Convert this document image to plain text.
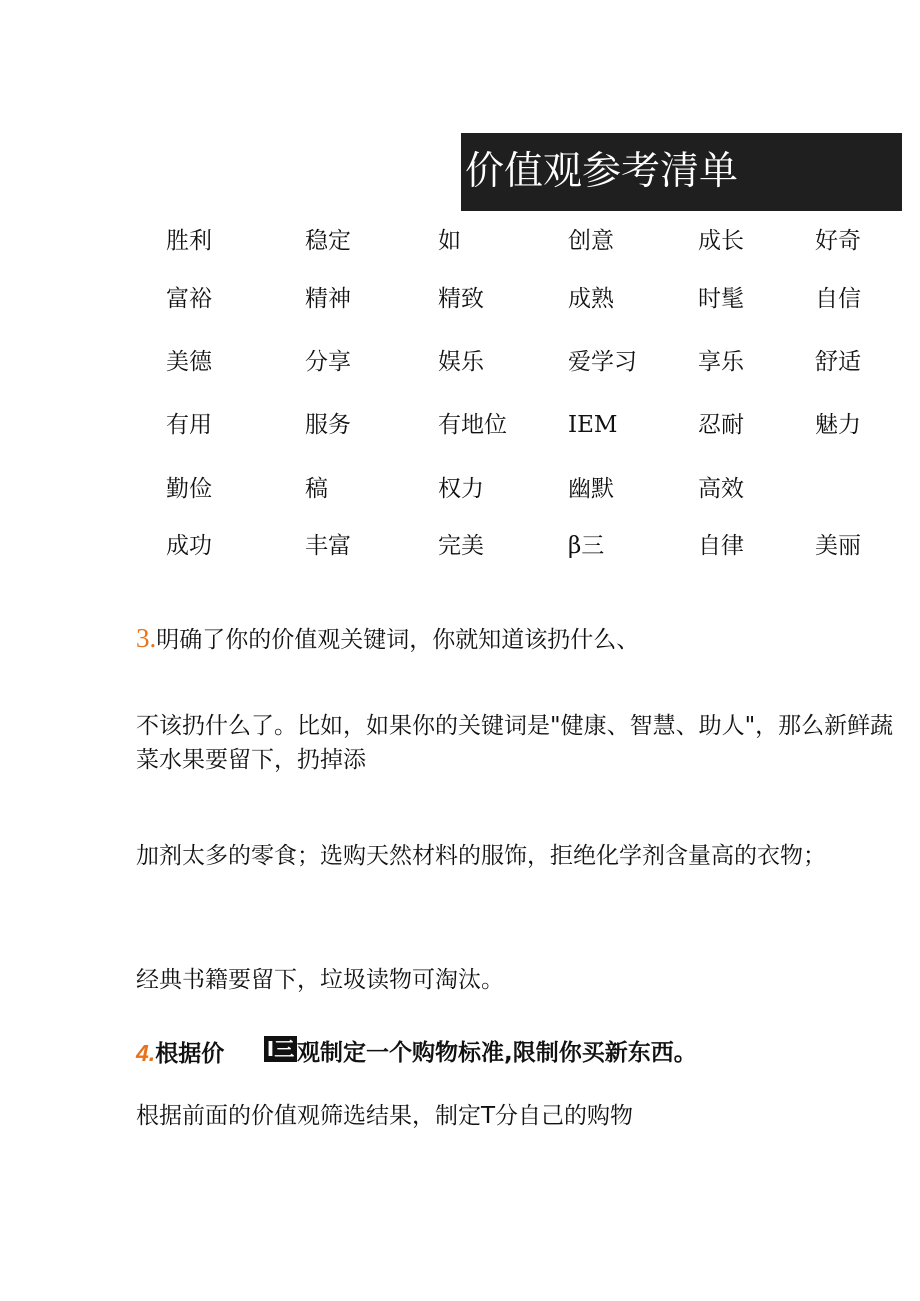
价值观参考清单
胜利	稳定	如	创意	成长	好奇
富裕	精神	精致	成熟	时髦	自信
美德	分享	娱乐	爱学习	享乐	舒适
有用	服务	有地位	IEM	忍耐	魅力
勤俭	稿	权力	幽默	高效
成功	丰富	完美	β三	自律	美丽

3.明确了你的价值观关键词，你就知道该扔什么、

不该扔什么了。比如，如果你的关键词是"健康、智慧、助人"，那么新鲜蔬菜水果要留下，扔掉添

加剂太多的零食；选购天然材料的服饰，拒绝化学剂含量高的衣物；

经典书籍要留下，垃圾读物可淘汰。

4.根据价 I三 观制定一个购物标准,限制你买新东西。

根据前面的价值观筛选结果，制定T分自己的购物
